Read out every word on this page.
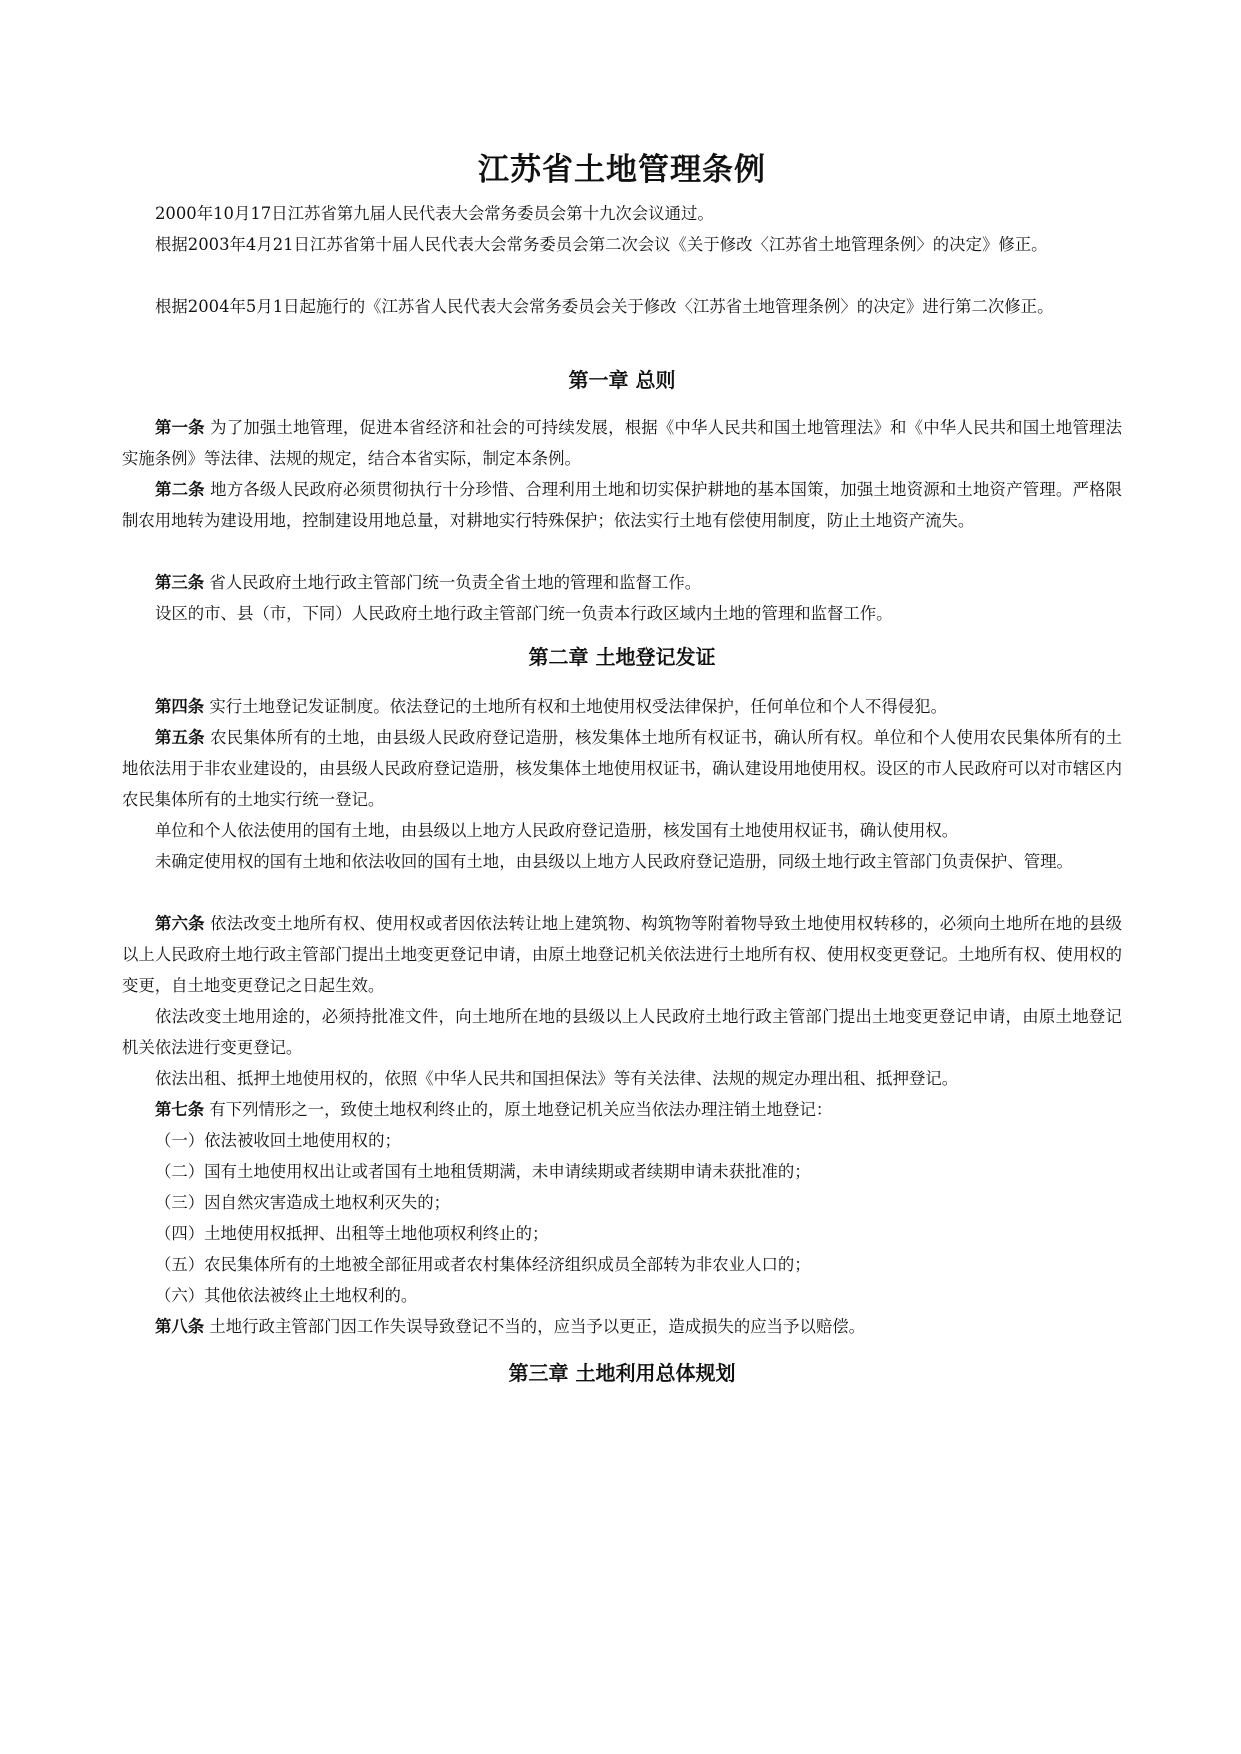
江苏省土地管理条例

2000年10月17日江苏省第九届人民代表大会常务委员会第十九次会议通过。

根据2003年4月21日江苏省第十届人民代表大会常务委员会第二次会议《关于修改〈江苏省土地管理条例〉的决定》修正。

根据2004年5月1日起施行的《江苏省人民代表大会常务委员会关于修改〈江苏省土地管理条例〉的决定》进行第二次修正。

第一章 总则

第一条 为了加强土地管理，促进本省经济和社会的可持续发展，根据《中华人民共和国土地管理法》和《中华人民共和国土地管理法实施条例》等法律、法规的规定，结合本省实际，制定本条例。

第二条 地方各级人民政府必须贯彻执行十分珍惜、合理利用土地和切实保护耕地的基本国策，加强土地资源和土地资产管理。严格限制农用地转为建设用地，控制建设用地总量，对耕地实行特殊保护；依法实行土地有偿使用制度，防止土地资产流失。

第三条 省人民政府土地行政主管部门统一负责全省土地的管理和监督工作。

设区的市、县（市，下同）人民政府土地行政主管部门统一负责本行政区域内土地的管理和监督工作。

第二章 土地登记发证

第四条 实行土地登记发证制度。依法登记的土地所有权和土地使用权受法律保护，任何单位和个人不得侵犯。

第五条 农民集体所有的土地，由县级人民政府登记造册，核发集体土地所有权证书，确认所有权。单位和个人使用农民集体所有的土地依法用于非农业建设的，由县级人民政府登记造册，核发集体土地使用权证书，确认建设用地使用权。设区的市人民政府可以对市辖区内农民集体所有的土地实行统一登记。

单位和个人依法使用的国有土地，由县级以上地方人民政府登记造册，核发国有土地使用权证书，确认使用权。

未确定使用权的国有土地和依法收回的国有土地，由县级以上地方人民政府登记造册，同级土地行政主管部门负责保护、管理。

第六条 依法改变土地所有权、使用权或者因依法转让地上建筑物、构筑物等附着物导致土地使用权转移的，必须向土地所在地的县级以上人民政府土地行政主管部门提出土地变更登记申请，由原土地登记机关依法进行土地所有权、使用权变更登记。土地所有权、使用权的变更，自土地变更登记之日起生效。

依法改变土地用途的，必须持批准文件，向土地所在地的县级以上人民政府土地行政主管部门提出土地变更登记申请，由原土地登记机关依法进行变更登记。

依法出租、抵押土地使用权的，依照《中华人民共和国担保法》等有关法律、法规的规定办理出租、抵押登记。

第七条 有下列情形之一，致使土地权利终止的，原土地登记机关应当依法办理注销土地登记：

（一）依法被收回土地使用权的；

（二）国有土地使用权出让或者国有土地租赁期满，未申请续期或者续期申请未获批准的；

（三）因自然灾害造成土地权利灭失的；

（四）土地使用权抵押、出租等土地他项权利终止的；

（五）农民集体所有的土地被全部征用或者农村集体经济组织成员全部转为非农业人口的；

（六）其他依法被终止土地权利的。

第八条 土地行政主管部门因工作失误导致登记不当的，应当予以更正，造成损失的应当予以赔偿。

第三章 土地利用总体规划
